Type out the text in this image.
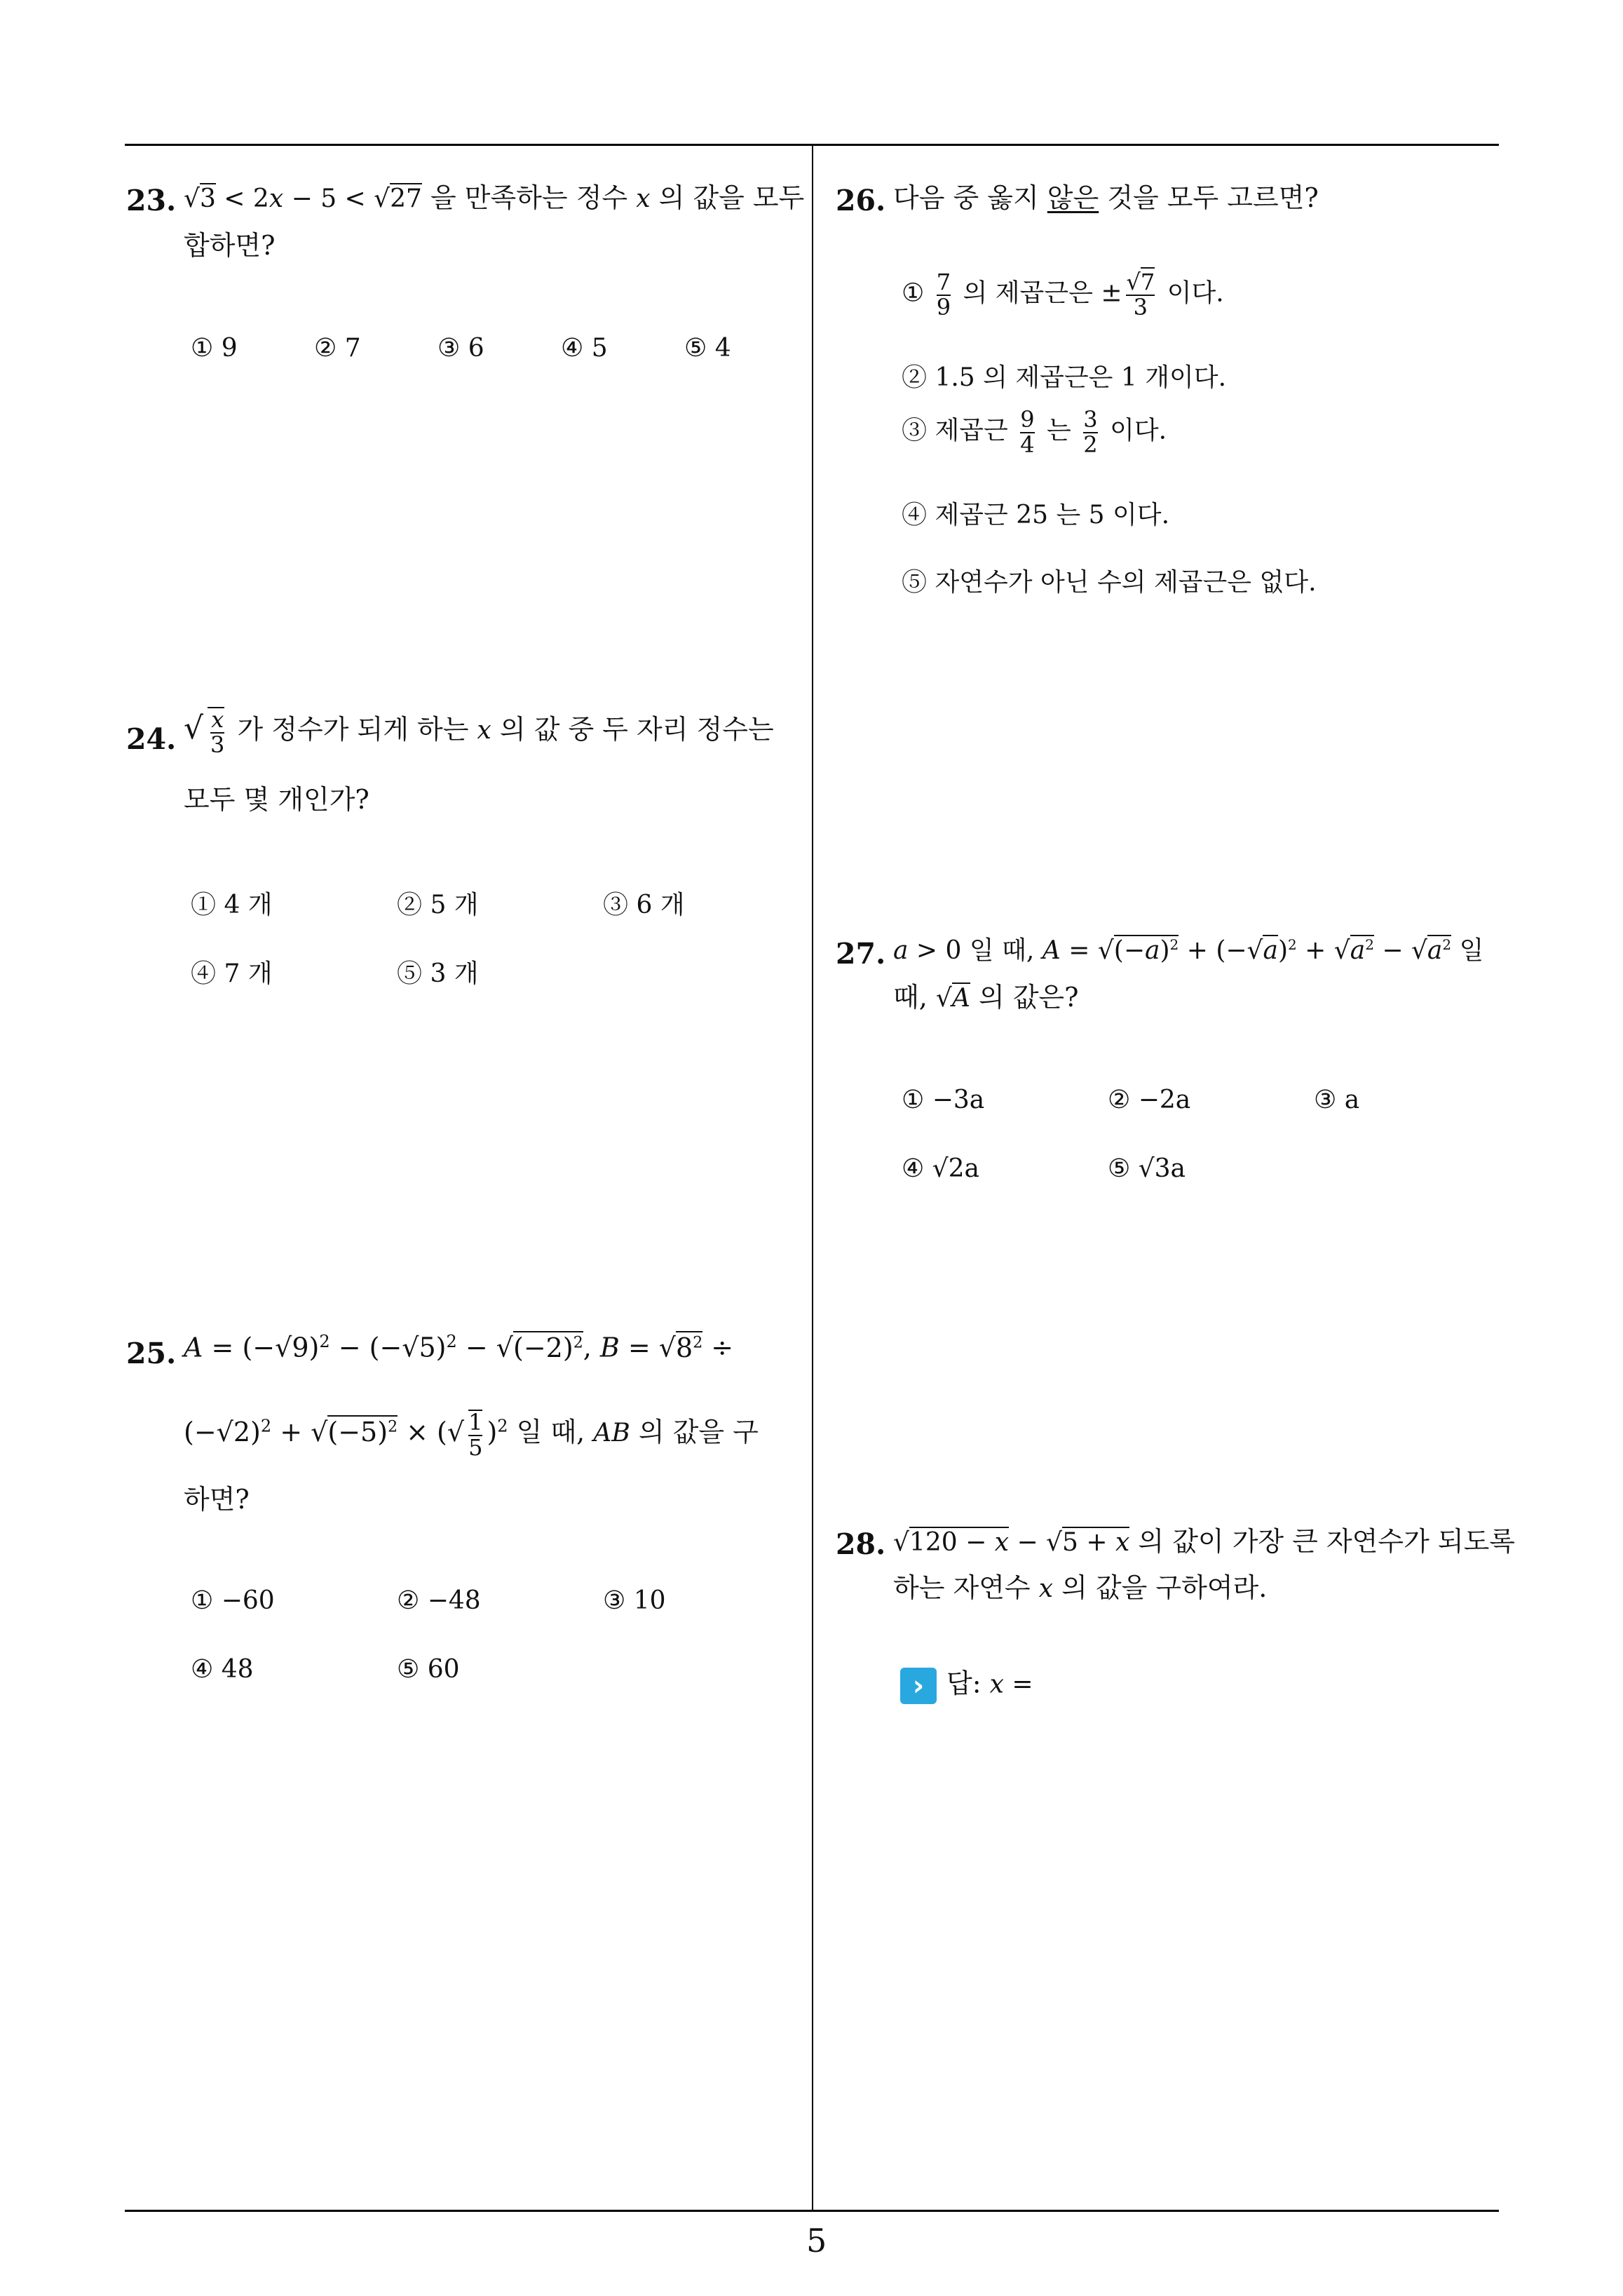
23. √3 < 2x − 5 < √27 을 만족하는 정수 x 의 값을 모두
합하면?
① 9	② 7	③ 6	④ 5	⑤ 4
24. √ x
3 가 정수가 되게 하는 x 의 값 중 두 자리 정수는
모두 몇 개인가?
① 4 개	② 5 개	③ 6 개
④ 7 개	⑤ 3 개
25. $A = (-√9)^2 - (-√5)^2 - √(-2)^2$, $B = √8^2$ ÷
$(-√2)^2 + √(-5)^2$ × (√ 1
5 )$^2$ 일 때, AB 의 값을 구
하면?
① −60	② −48	③ 10
④ 48	⑤ 60
26. 다음 중 옳지 않은 것을 모두 고르면?
① 7
9 의 제곱근은 ± √7
3 이다.
② 1.5 의 제곱근은 1 개이다.
③ 제곱근 9
4 는 3
2 이다.
④ 제곱근 25 는 5 이다.
⑤ 자연수가 아닌 수의 제곱근은 없다.
27. a > 0 일 때, $A = √(-a)^2 + (-√a)^2 + √a^2 - √a^2$ 일
때, √A 의 값은?
① −3a	② −2a	③ a
④ √2a	⑤ √3a
28. √120 − x − √5 + x 의 값이 가장 큰 자연수가 되도록
하는 자연수 x 의 값을 구하여라.
› 답: x =
5
